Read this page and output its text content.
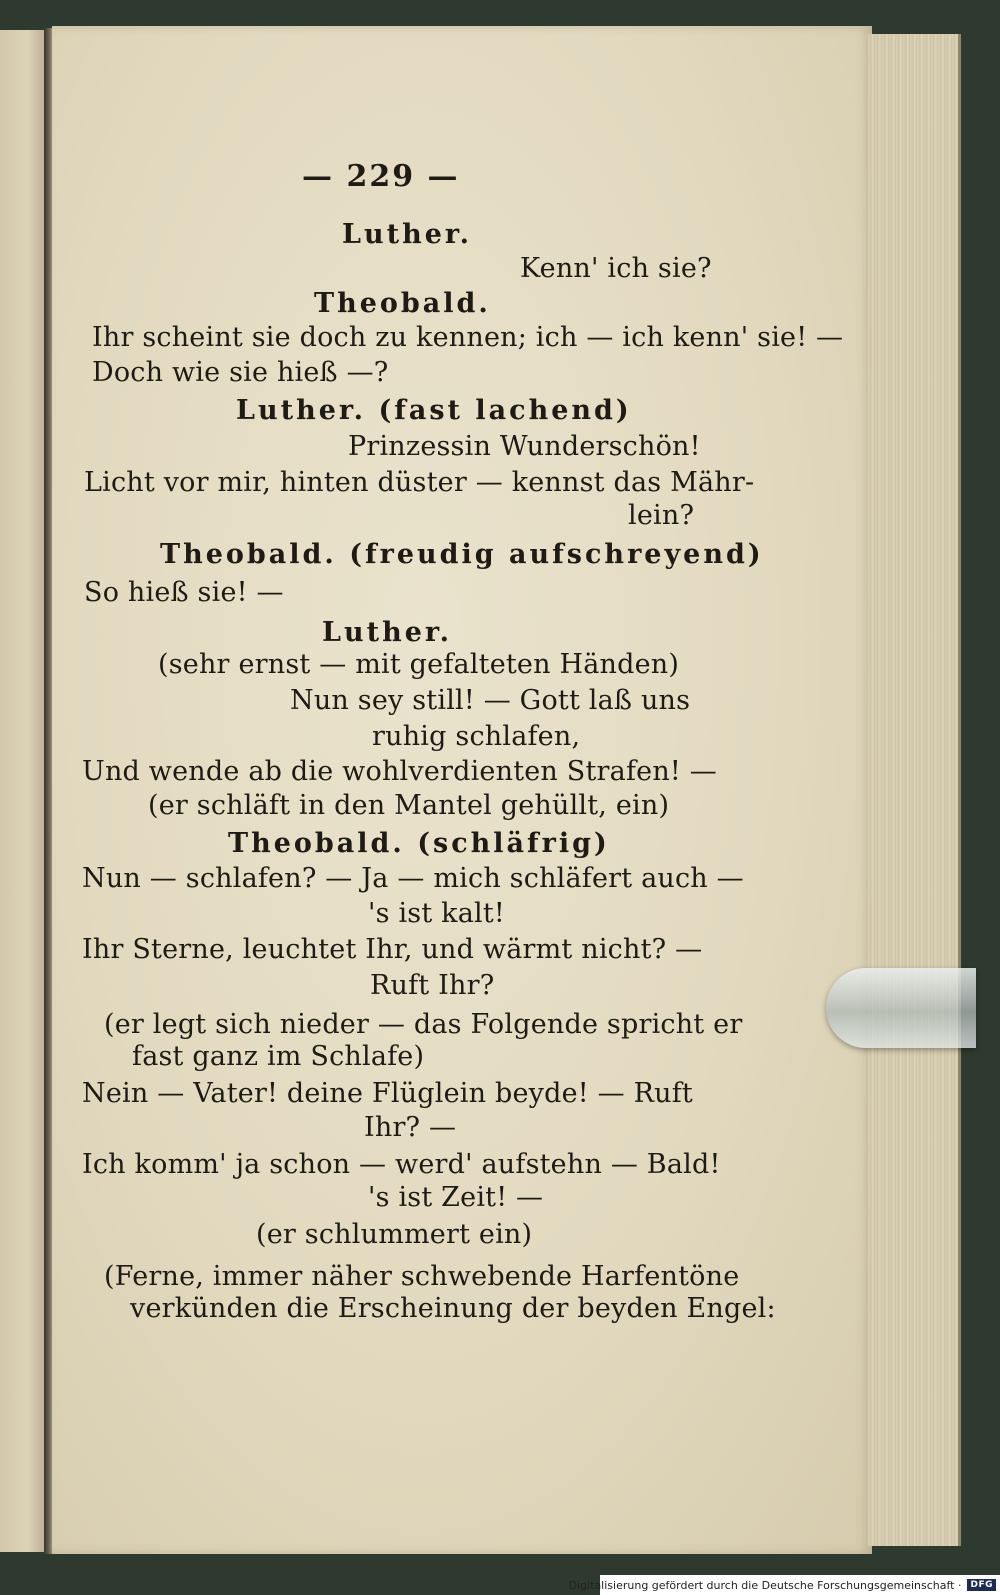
— 229 —
Luther.
Kenn' ich sie?
Theobald.
Ihr scheint sie doch zu kennen; ich — ich kenn' sie! —
Doch wie sie hieß —?
Luther. (fast lachend)
Prinzessin Wunderschön!
Licht vor mir, hinten düster — kennst das Mähr-
lein?
Theobald. (freudig aufschreyend)
So hieß sie! —
Luther.
(sehr ernst — mit gefalteten Händen)
Nun sey still! — Gott laß uns
ruhig schlafen,
Und wende ab die wohlverdienten Strafen! —
(er schläft in den Mantel gehüllt, ein)
Theobald. (schläfrig)
Nun — schlafen? — Ja — mich schläfert auch —
's ist kalt!
Ihr Sterne, leuchtet Ihr, und wärmt nicht? —
Ruft Ihr?
(er legt sich nieder — das Folgende spricht er
fast ganz im Schlafe)
Nein — Vater! deine Flüglein beyde! — Ruft
Ihr? —
Ich komm' ja schon — werd' aufstehn — Bald!
's ist Zeit! —
(er schlummert ein)
(Ferne, immer näher schwebende Harfentöne
verkünden die Erscheinung der beyden Engel:
Digitalisierung gefördert durch die Deutsche Forschungsgemeinschaft ·	DFG
